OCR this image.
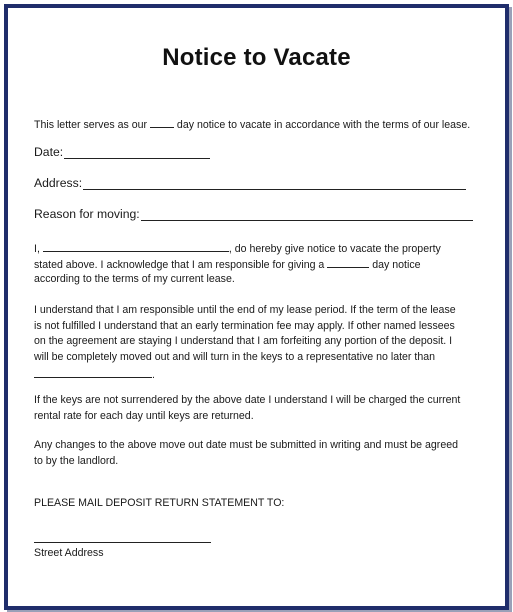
Notice to Vacate
This letter serves as our  day notice to vacate in accordance with the terms of our lease.
Date:
Address:
Reason for moving:
I,	, do hereby give notice to vacate the property
stated above. I acknowledge that I am responsible for giving a	day notice
according to the terms of my current lease.
I understand that I am responsible until the end of my lease period. If the term of the lease
is not fulfilled I understand that an early termination fee may apply. If other named lessees
on the agreement are staying I understand that I am forfeiting any portion of the deposit. I
will be completely moved out and will turn in the keys to a representative no later than
.
If the keys are not surrendered by the above date I understand I will be charged the current
rental rate for each day until keys are returned.
Any changes to the above move out date must be submitted in writing and must be agreed
to by the landlord.
PLEASE MAIL DEPOSIT RETURN STATEMENT TO:
Street Address
